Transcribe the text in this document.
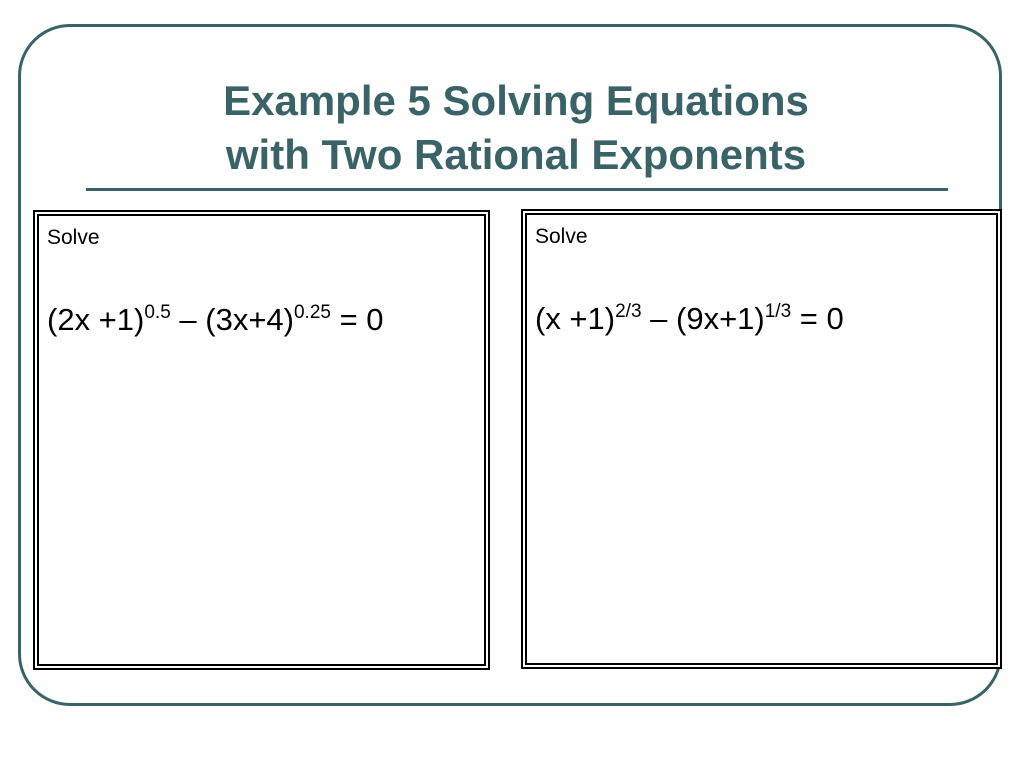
Example 5 Solving Equations
with Two Rational Exponents
Solve
$(2x +1)^{0.5} - (3x+4)^{0.25} = 0$
Solve
$(x +1)^{2/3} - (9x+1)^{1/3} = 0$
